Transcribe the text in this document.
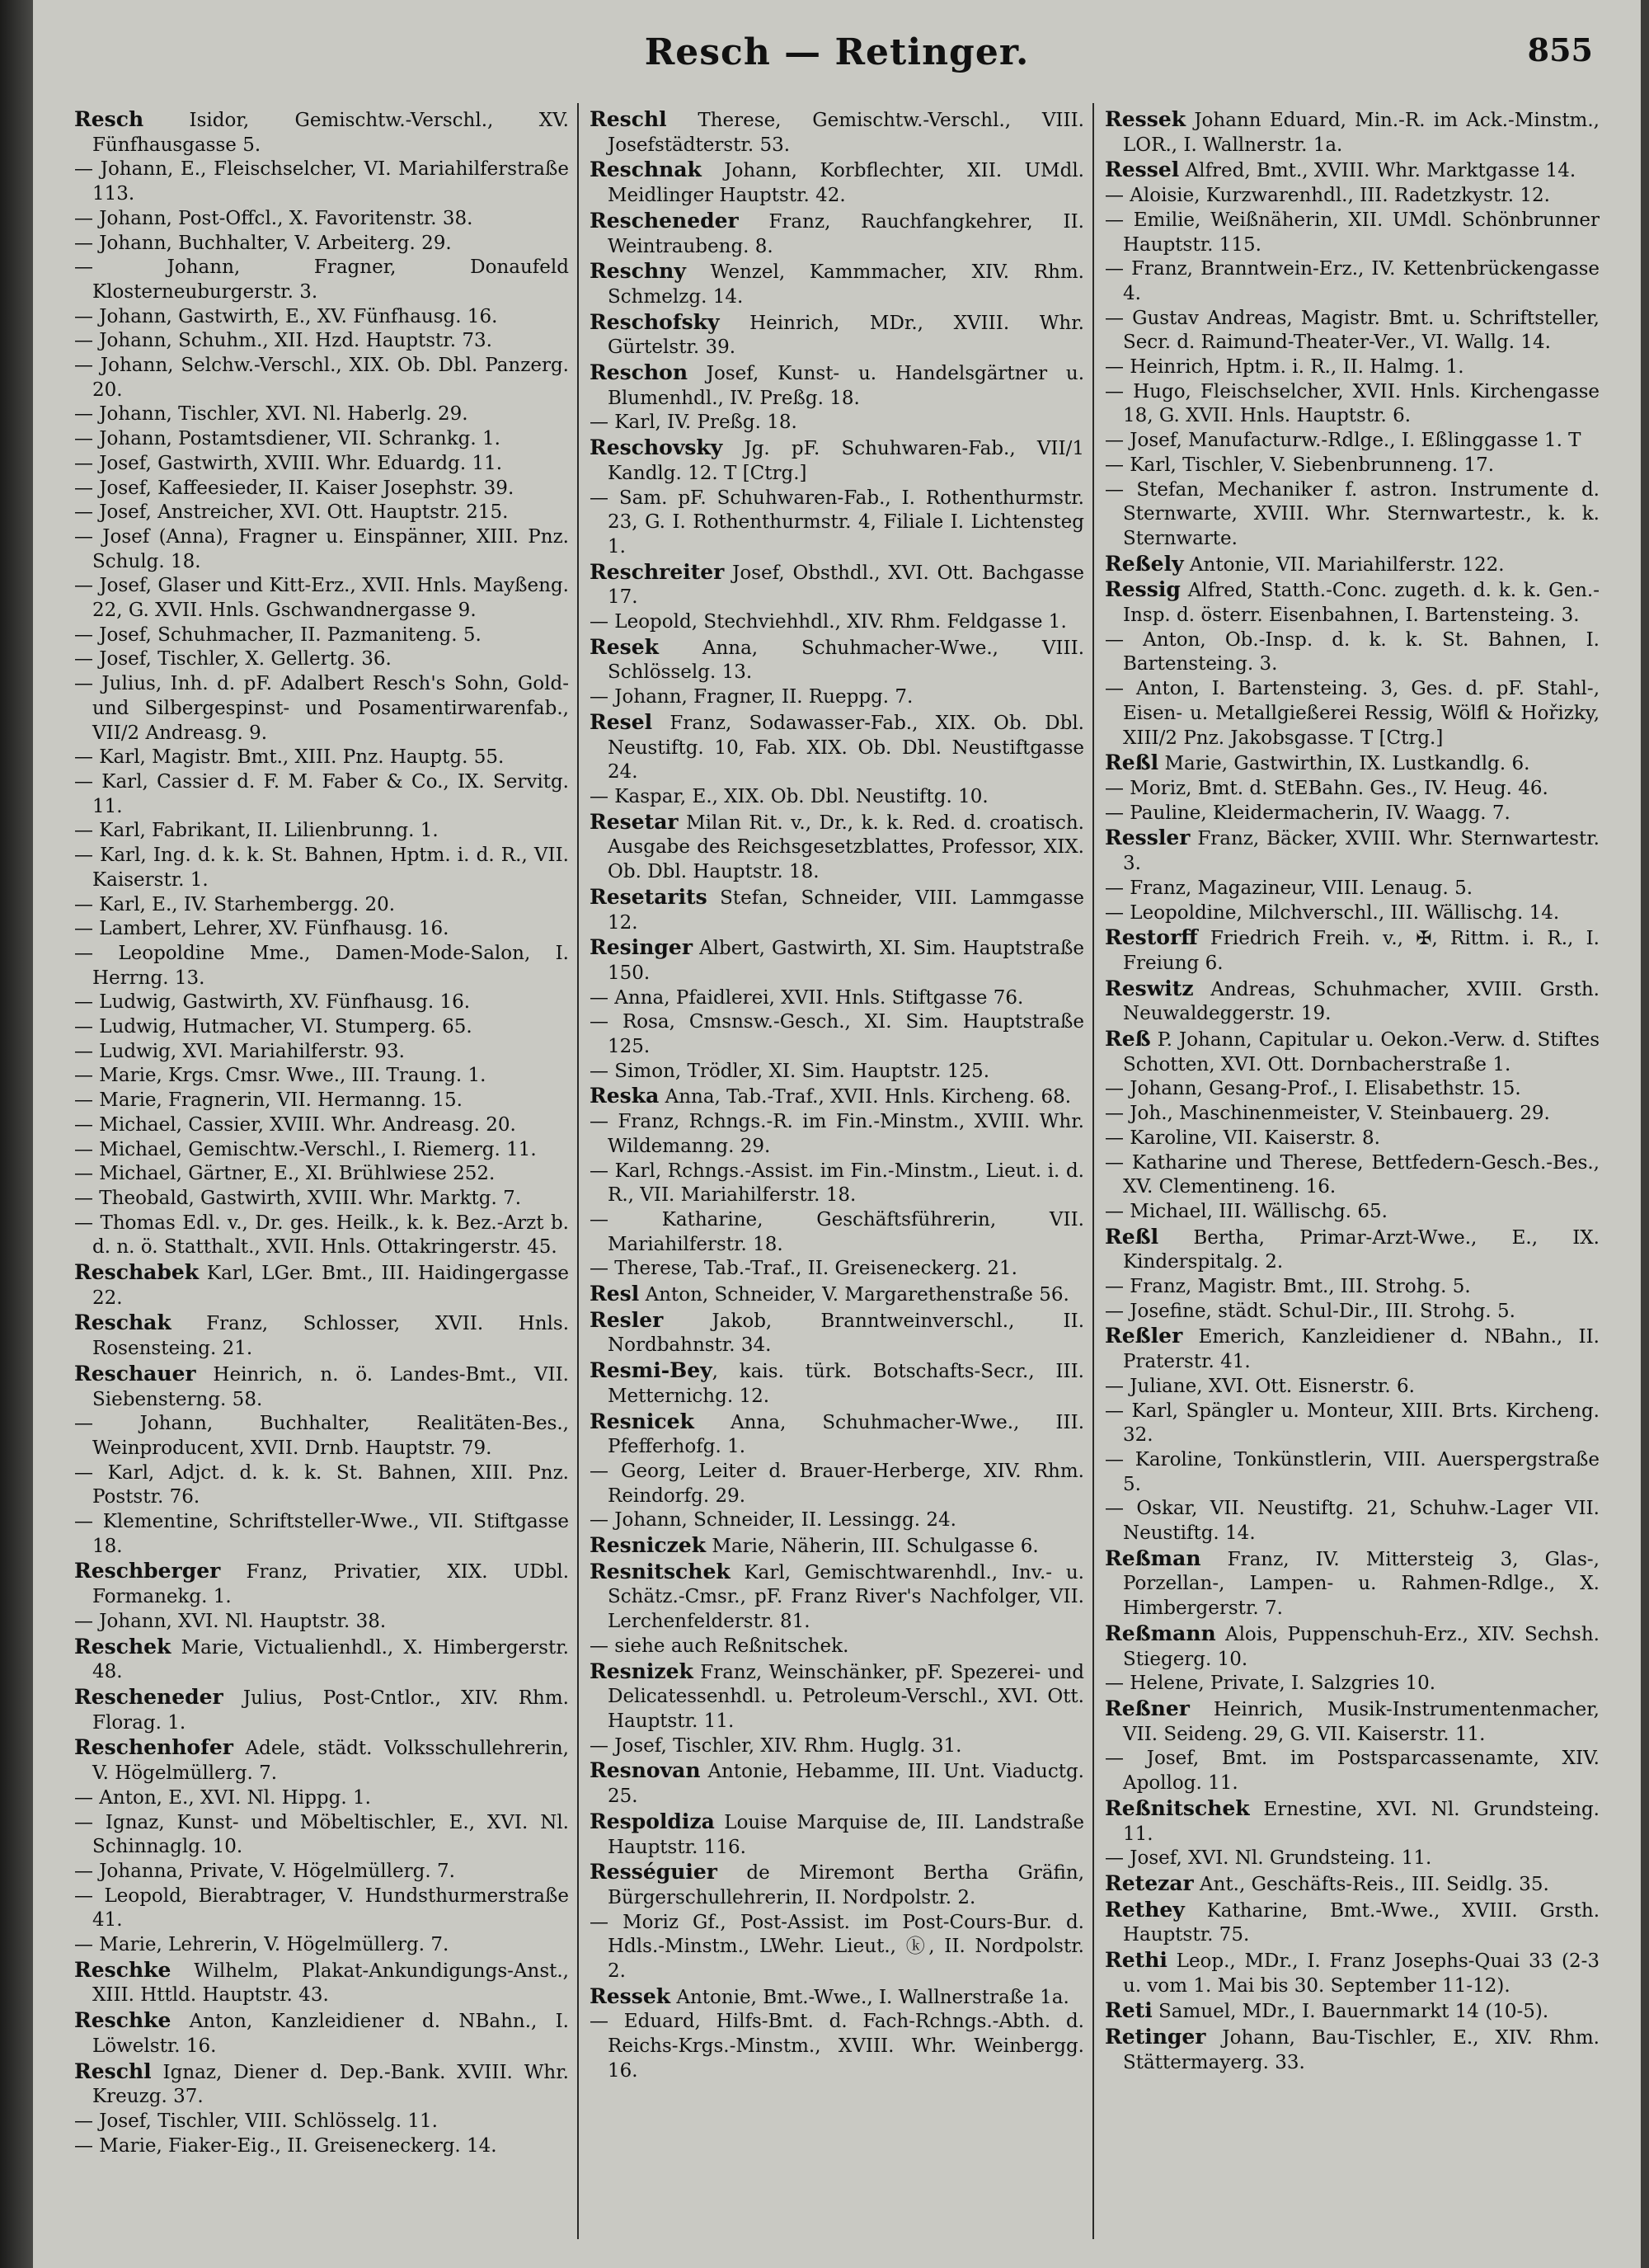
Resch — Retinger.	855
Resch Isidor, Gemischtw.-Verschl., XV. Fünfhausgasse 5.
— Johann, E., Fleischselcher, VI. Mariahilferstraße 113.
— Johann, Post-Offcl., X. Favoritenstr. 38.
— Johann, Buchhalter, V. Arbeiterg. 29.
— Johann, Fragner, Donaufeld Klosterneuburgerstr. 3.
— Johann, Gastwirth, E., XV. Fünfhausg. 16.
— Johann, Schuhm., XII. Hzd. Hauptstr. 73.
— Johann, Selchw.-Verschl., XIX. Ob. Dbl. Panzerg. 20.
— Johann, Tischler, XVI. Nl. Haberlg. 29.
— Johann, Postamtsdiener, VII. Schrankg. 1.
— Josef, Gastwirth, XVIII. Whr. Eduardg. 11.
— Josef, Kaffeesieder, II. Kaiser Josephstr. 39.
— Josef, Anstreicher, XVI. Ott. Hauptstr. 215.
— Josef (Anna), Fragner u. Einspänner, XIII. Pnz. Schulg. 18.
— Josef, Glaser und Kitt-Erz., XVII. Hnls. Mayßeng. 22, G. XVII. Hnls. Gschwandnergasse 9.
— Josef, Schuhmacher, II. Pazmaniteng. 5.
— Josef, Tischler, X. Gellertg. 36.
— Julius, Inh. d. pF. Adalbert Resch's Sohn, Gold- und Silbergespinst- und Posamentirwarenfab., VII/2 Andreasg. 9.
— Karl, Magistr. Bmt., XIII. Pnz. Hauptg. 55.
— Karl, Cassier d. F. M. Faber & Co., IX. Servitg. 11.
— Karl, Fabrikant, II. Lilienbrunng. 1.
— Karl, Ing. d. k. k. St. Bahnen, Hptm. i. d. R., VII. Kaiserstr. 1.
— Karl, E., IV. Starhembergg. 20.
— Lambert, Lehrer, XV. Fünfhausg. 16.
— Leopoldine Mme., Damen-Mode-Salon, I. Herrng. 13.
— Ludwig, Gastwirth, XV. Fünfhausg. 16.
— Ludwig, Hutmacher, VI. Stumperg. 65.
— Ludwig, XVI. Mariahilferstr. 93.
— Marie, Krgs. Cmsr. Wwe., III. Traung. 1.
— Marie, Fragnerin, VII. Hermanng. 15.
— Michael, Cassier, XVIII. Whr. Andreasg. 20.
— Michael, Gemischtw.-Verschl., I. Riemerg. 11.
— Michael, Gärtner, E., XI. Brühlwiese 252.
— Theobald, Gastwirth, XVIII. Whr. Marktg. 7.
— Thomas Edl. v., Dr. ges. Heilk., k. k. Bez.-Arzt b. d. n. ö. Statthalt., XVII. Hnls. Ottakringerstr. 45.
Reschabek Karl, LGer. Bmt., III. Haidingergasse 22.
Reschak Franz, Schlosser, XVII. Hnls. Rosensteing. 21.
Reschauer Heinrich, n. ö. Landes-Bmt., VII. Siebensterng. 58.
— Johann, Buchhalter, Realitäten-Bes., Weinproducent, XVII. Drnb. Hauptstr. 79.
— Karl, Adjct. d. k. k. St. Bahnen, XIII. Pnz. Poststr. 76.
— Klementine, Schriftsteller-Wwe., VII. Stiftgasse 18.
Reschberger Franz, Privatier, XIX. UDbl. Formanekg. 1.
— Johann, XVI. Nl. Hauptstr. 38.
Reschek Marie, Victualienhdl., X. Himbergerstr. 48.
Rescheneder Julius, Post-Cntlor., XIV. Rhm. Florag. 1.
Reschenhofer Adele, städt. Volksschullehrerin, V. Högelmüllerg. 7.
— Anton, E., XVI. Nl. Hippg. 1.
— Ignaz, Kunst- und Möbeltischler, E., XVI. Nl. Schinnaglg. 10.
— Johanna, Private, V. Högelmüllerg. 7.
— Leopold, Bierabtrager, V. Hundsthurmerstraße 41.
— Marie, Lehrerin, V. Högelmüllerg. 7.
Reschke Wilhelm, Plakat-Ankundigungs-Anst., XIII. Httld. Hauptstr. 43.
Reschke Anton, Kanzleidiener d. NBahn., I. Löwelstr. 16.
Reschl Ignaz, Diener d. Dep.-Bank. XVIII. Whr. Kreuzg. 37.
— Josef, Tischler, VIII. Schlösselg. 11.
— Marie, Fiaker-Eig., II. Greiseneckerg. 14.
Reschl Therese, Gemischtw.-Verschl., VIII. Josefstädterstr. 53.
Reschnak Johann, Korbflechter, XII. UMdl. Meidlinger Hauptstr. 42.
Rescheneder Franz, Rauchfangkehrer, II. Weintraubeng. 8.
Reschny Wenzel, Kammmacher, XIV. Rhm. Schmelzg. 14.
Reschofsky Heinrich, MDr., XVIII. Whr. Gürtelstr. 39.
Reschon Josef, Kunst- u. Handelsgärtner u. Blumenhdl., IV. Preßg. 18.
— Karl, IV. Preßg. 18.
Reschovsky Jg. pF. Schuhwaren-Fab., VII/1 Kandlg. 12. T [Ctrg.]
— Sam. pF. Schuhwaren-Fab., I. Rothenthurmstr. 23, G. I. Rothenthurmstr. 4, Filiale I. Lichtensteg 1.
Reschreiter Josef, Obsthdl., XVI. Ott. Bachgasse 17.
— Leopold, Stechviehhdl., XIV. Rhm. Feldgasse 1.
Resek Anna, Schuhmacher-Wwe., VIII. Schlösselg. 13.
— Johann, Fragner, II. Rueppg. 7.
Resel Franz, Sodawasser-Fab., XIX. Ob. Dbl. Neustiftg. 10, Fab. XIX. Ob. Dbl. Neustiftgasse 24.
— Kaspar, E., XIX. Ob. Dbl. Neustiftg. 10.
Resetar Milan Rit. v., Dr., k. k. Red. d. croatisch. Ausgabe des Reichsgesetzblattes, Professor, XIX. Ob. Dbl. Hauptstr. 18.
Resetarits Stefan, Schneider, VIII. Lammgasse 12.
Resinger Albert, Gastwirth, XI. Sim. Hauptstraße 150.
— Anna, Pfaidlerei, XVII. Hnls. Stiftgasse 76.
— Rosa, Cmsnsw.-Gesch., XI. Sim. Hauptstraße 125.
— Simon, Trödler, XI. Sim. Hauptstr. 125.
Reska Anna, Tab.-Traf., XVII. Hnls. Kircheng. 68.
— Franz, Rchngs.-R. im Fin.-Minstm., XVIII. Whr. Wildemanng. 29.
— Karl, Rchngs.-Assist. im Fin.-Minstm., Lieut. i. d. R., VII. Mariahilferstr. 18.
— Katharine, Geschäftsführerin, VII. Mariahilferstr. 18.
— Therese, Tab.-Traf., II. Greiseneckerg. 21.
Resl Anton, Schneider, V. Margarethenstraße 56.
Resler Jakob, Branntweinverschl., II. Nordbahnstr. 34.
Resmi-Bey, kais. türk. Botschafts-Secr., III. Metternichg. 12.
Resnicek Anna, Schuhmacher-Wwe., III. Pfefferhofg. 1.
— Georg, Leiter d. Brauer-Herberge, XIV. Rhm. Reindorfg. 29.
— Johann, Schneider, II. Lessingg. 24.
Resniczek Marie, Näherin, III. Schulgasse 6.
Resnitschek Karl, Gemischtwarenhdl., Inv.- u. Schätz.-Cmsr., pF. Franz River's Nachfolger, VII. Lerchenfelderstr. 81.
— siehe auch Reßnitschek.
Resnizek Franz, Weinschänker, pF. Spezerei- und Delicatessenhdl. u. Petroleum-Verschl., XVI. Ott. Hauptstr. 11.
— Josef, Tischler, XIV. Rhm. Huglg. 31.
Resnovan Antonie, Hebamme, III. Unt. Viaductg. 25.
Respoldiza Louise Marquise de, III. Landstraße Hauptstr. 116.
Rességuier de Miremont Bertha Gräfin, Bürgerschullehrerin, II. Nordpolstr. 2.
— Moriz Gf., Post-Assist. im Post-Cours-Bur. d. Hdls.-Minstm., LWehr. Lieut., ⓚ, II. Nordpolstr. 2.
Ressek Antonie, Bmt.-Wwe., I. Wallnerstraße 1a.
— Eduard, Hilfs-Bmt. d. Fach-Rchngs.-Abth. d. Reichs-Krgs.-Minstm., XVIII. Whr. Weinbergg. 16.
Ressek Johann Eduard, Min.-R. im Ack.-Minstm., LOR., I. Wallnerstr. 1a.
Ressel Alfred, Bmt., XVIII. Whr. Marktgasse 14.
— Aloisie, Kurzwarenhdl., III. Radetzkystr. 12.
— Emilie, Weißnäherin, XII. UMdl. Schönbrunner Hauptstr. 115.
— Franz, Branntwein-Erz., IV. Kettenbrückengasse 4.
— Gustav Andreas, Magistr. Bmt. u. Schriftsteller, Secr. d. Raimund-Theater-Ver., VI. Wallg. 14.
— Heinrich, Hptm. i. R., II. Halmg. 1.
— Hugo, Fleischselcher, XVII. Hnls. Kirchengasse 18, G. XVII. Hnls. Hauptstr. 6.
— Josef, Manufacturw.-Rdlge., I. Eßlinggasse 1. T
— Karl, Tischler, V. Siebenbrunneng. 17.
— Stefan, Mechaniker f. astron. Instrumente d. Sternwarte, XVIII. Whr. Sternwartestr., k. k. Sternwarte.
Reßely Antonie, VII. Mariahilferstr. 122.
Ressig Alfred, Statth.-Conc. zugeth. d. k. k. Gen.-Insp. d. österr. Eisenbahnen, I. Bartensteing. 3.
— Anton, Ob.-Insp. d. k. k. St. Bahnen, I. Bartensteing. 3.
— Anton, I. Bartensteing. 3, Ges. d. pF. Stahl-, Eisen- u. Metallgießerei Ressig, Wölfl & Hořizky, XIII/2 Pnz. Jakobsgasse. T [Ctrg.]
Reßl Marie, Gastwirthin, IX. Lustkandlg. 6.
— Moriz, Bmt. d. StEBahn. Ges., IV. Heug. 46.
— Pauline, Kleidermacherin, IV. Waagg. 7.
Ressler Franz, Bäcker, XVIII. Whr. Sternwartestr. 3.
— Franz, Magazineur, VIII. Lenaug. 5.
— Leopoldine, Milchverschl., III. Wällischg. 14.
Restorff Friedrich Freih. v., ✠, Rittm. i. R., I. Freiung 6.
Reswitz Andreas, Schuhmacher, XVIII. Grsth. Neuwaldeggerstr. 19.
Reß P. Johann, Capitular u. Oekon.-Verw. d. Stiftes Schotten, XVI. Ott. Dornbacherstraße 1.
— Johann, Gesang-Prof., I. Elisabethstr. 15.
— Joh., Maschinenmeister, V. Steinbauerg. 29.
— Karoline, VII. Kaiserstr. 8.
— Katharine und Therese, Bettfedern-Gesch.-Bes., XV. Clementineng. 16.
— Michael, III. Wällischg. 65.
Reßl Bertha, Primar-Arzt-Wwe., E., IX. Kinderspitalg. 2.
— Franz, Magistr. Bmt., III. Strohg. 5.
— Josefine, städt. Schul-Dir., III. Strohg. 5.
Reßler Emerich, Kanzleidiener d. NBahn., II. Praterstr. 41.
— Juliane, XVI. Ott. Eisnerstr. 6.
— Karl, Spängler u. Monteur, XIII. Brts. Kircheng. 32.
— Karoline, Tonkünstlerin, VIII. Auerspergstraße 5.
— Oskar, VII. Neustiftg. 21, Schuhw.-Lager VII. Neustiftg. 14.
Reßman Franz, IV. Mittersteig 3, Glas-, Porzellan-, Lampen- u. Rahmen-Rdlge., X. Himbergerstr. 7.
Reßmann Alois, Puppenschuh-Erz., XIV. Sechsh. Stiegerg. 10.
— Helene, Private, I. Salzgries 10.
Reßner Heinrich, Musik-Instrumentenmacher, VII. Seideng. 29, G. VII. Kaiserstr. 11.
— Josef, Bmt. im Postsparcassenamte, XIV. Apollog. 11.
Reßnitschek Ernestine, XVI. Nl. Grundsteing. 11.
— Josef, XVI. Nl. Grundsteing. 11.
Retezar Ant., Geschäfts-Reis., III. Seidlg. 35.
Rethey Katharine, Bmt.-Wwe., XVIII. Grsth. Hauptstr. 75.
Rethi Leop., MDr., I. Franz Josephs-Quai 33 (2-3 u. vom 1. Mai bis 30. September 11-12).
Reti Samuel, MDr., I. Bauernmarkt 14 (10-5).
Retinger Johann, Bau-Tischler, E., XIV. Rhm. Stättermayerg. 33.
